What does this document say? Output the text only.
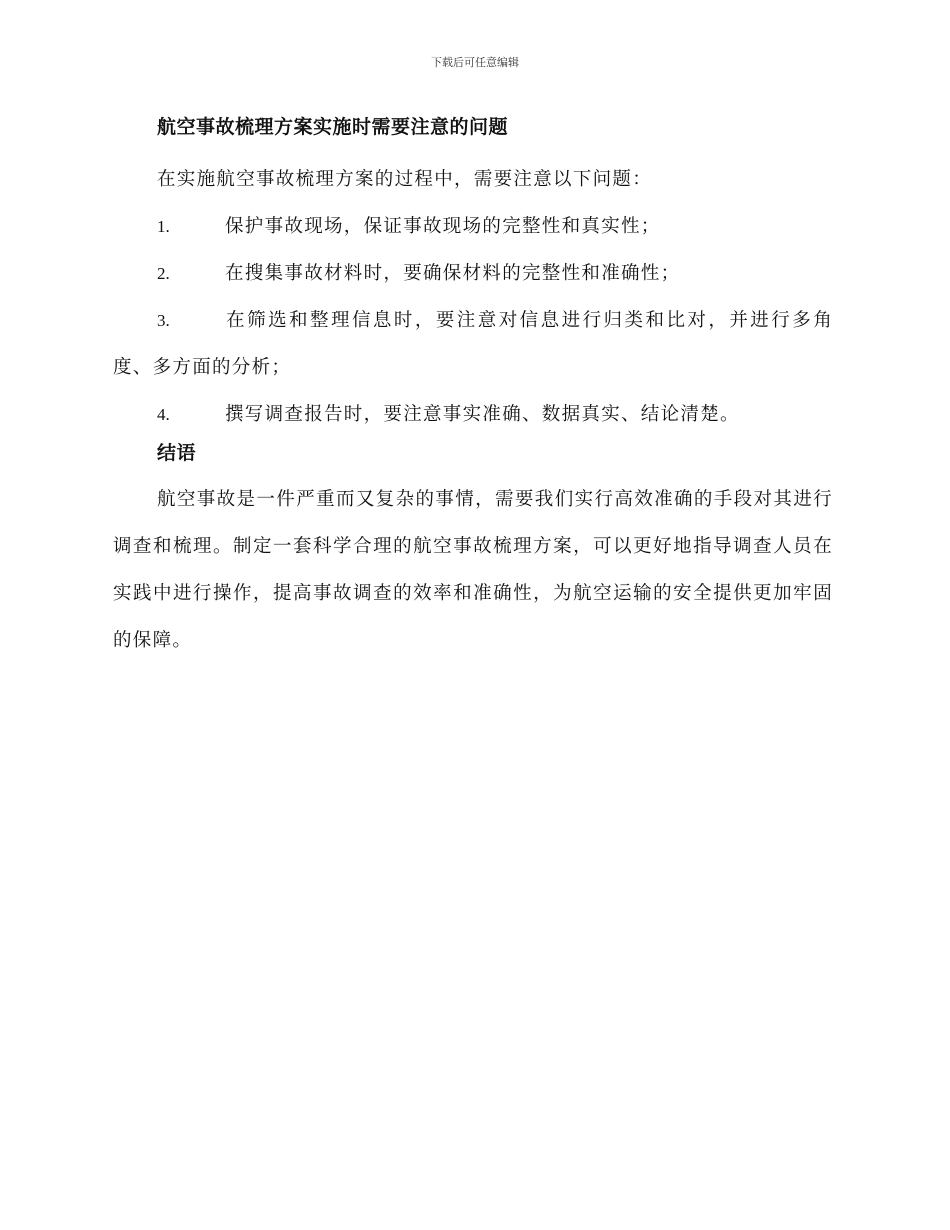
下载后可任意编辑
航空事故梳理方案实施时需要注意的问题

在实施航空事故梳理方案的过程中，需要注意以下问题：

1.	保护事故现场，保证事故现场的完整性和真实性；

2.	在搜集事故材料时，要确保材料的完整性和准确性；

3.	在筛选和整理信息时，要注意对信息进行归类和比对，并进行多角度、多方面的分析；

4.	撰写调查报告时，要注意事实准确、数据真实、结论清楚。

结语

航空事故是一件严重而又复杂的事情，需要我们实行高效准确的手段对其进行调查和梳理。制定一套科学合理的航空事故梳理方案，可以更好地指导调查人员在实践中进行操作，提高事故调查的效率和准确性，为航空运输的安全提供更加牢固的保障。
